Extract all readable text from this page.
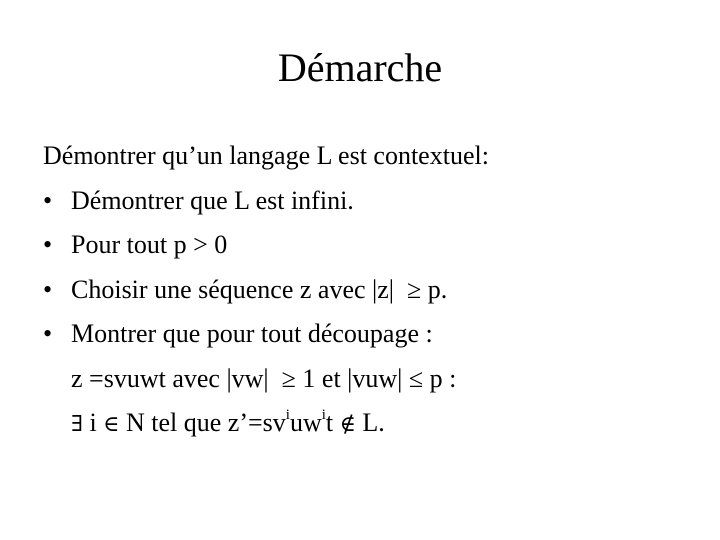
Démarche
Démontrer qu’un langage L est contextuel:
• Démontrer que L est infini.
• Pour tout p > 0
• Choisir une séquence z avec |z|  ≥ p.
• Montrer que pour tout découpage :
z =svuwt avec |vw|  ≥ 1 et |vuw| ≤ p :
∃ i ∈ N tel que $z’=sv^iuw^it$ ∉ L.
